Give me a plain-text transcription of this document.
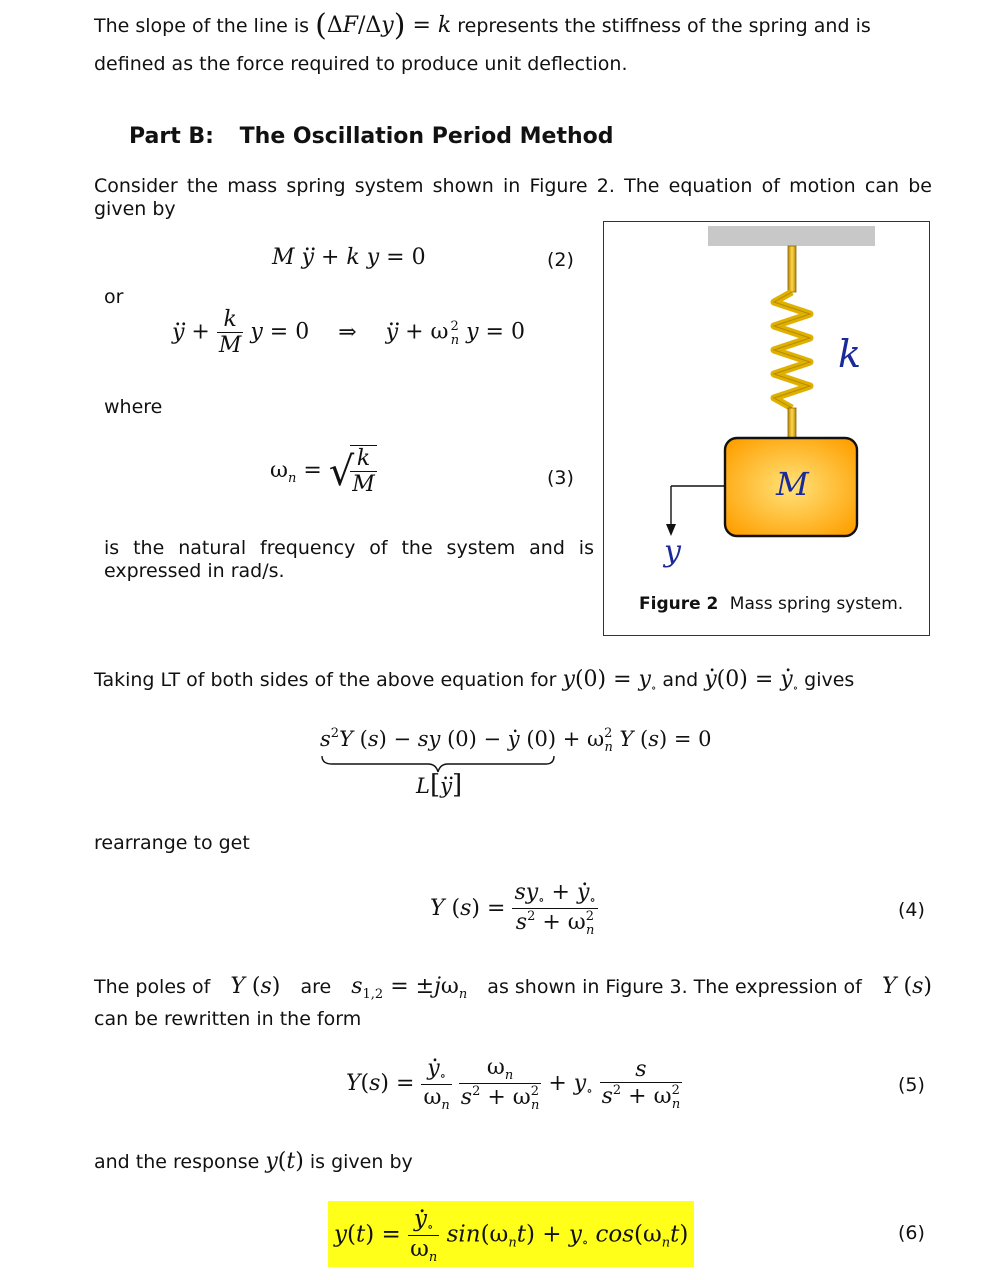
The slope of the line is (ΔF/Δy) = k represents the stiffness of the spring and is

defined as the force required to produce unit deflection.

Part B: The Oscillation Period Method

Consider the mass spring system shown in Figure 2. The equation of motion can be

given by

M .. y + k y = 0	(2)

or

.. $y + \frac{k}{M}$ y = 0 ⇒ .. y + ω $^2_n$ y = 0

where

$\omega_n$ = √
$\frac{k}{M}$	(3)

is the natural frequency of the system and is

expressed in rad/s.

k
M
y
Figure 2 Mass spring system.
Taking LT of both sides of the above equation for $y(0) = y_\circ$ and . y(0) = . $y_\circ$ gives
$s^2Y$ (s) − sy (0) − . y $(0) + \omega^2_n$ Y (s) = 0
L[.. y]

rearrange to get

Y $(s) = \frac{sy_\circ + . y_\circ}{s^2 + \omega^2_n}$	(4)
The poles of Y (s) are $s_{1,2} = \pm j\omega_n$ as shown in Figure 3. The expression of Y (s)

can be rewritten in the form

Y(s) = . $\frac{y_\circ}{\omega_n}$
$\frac{\omega_n}{s^2 + \omega^2_n} + y_\circ \frac{s}{s^2 + \omega^2_n}$	(5)
and the response y(t) is given by
y(t) = . $\frac{y_\circ}{\omega_n} \sin(\omega_nt) + y_\circ$ $\cos(\omega_nt)$	(6)
